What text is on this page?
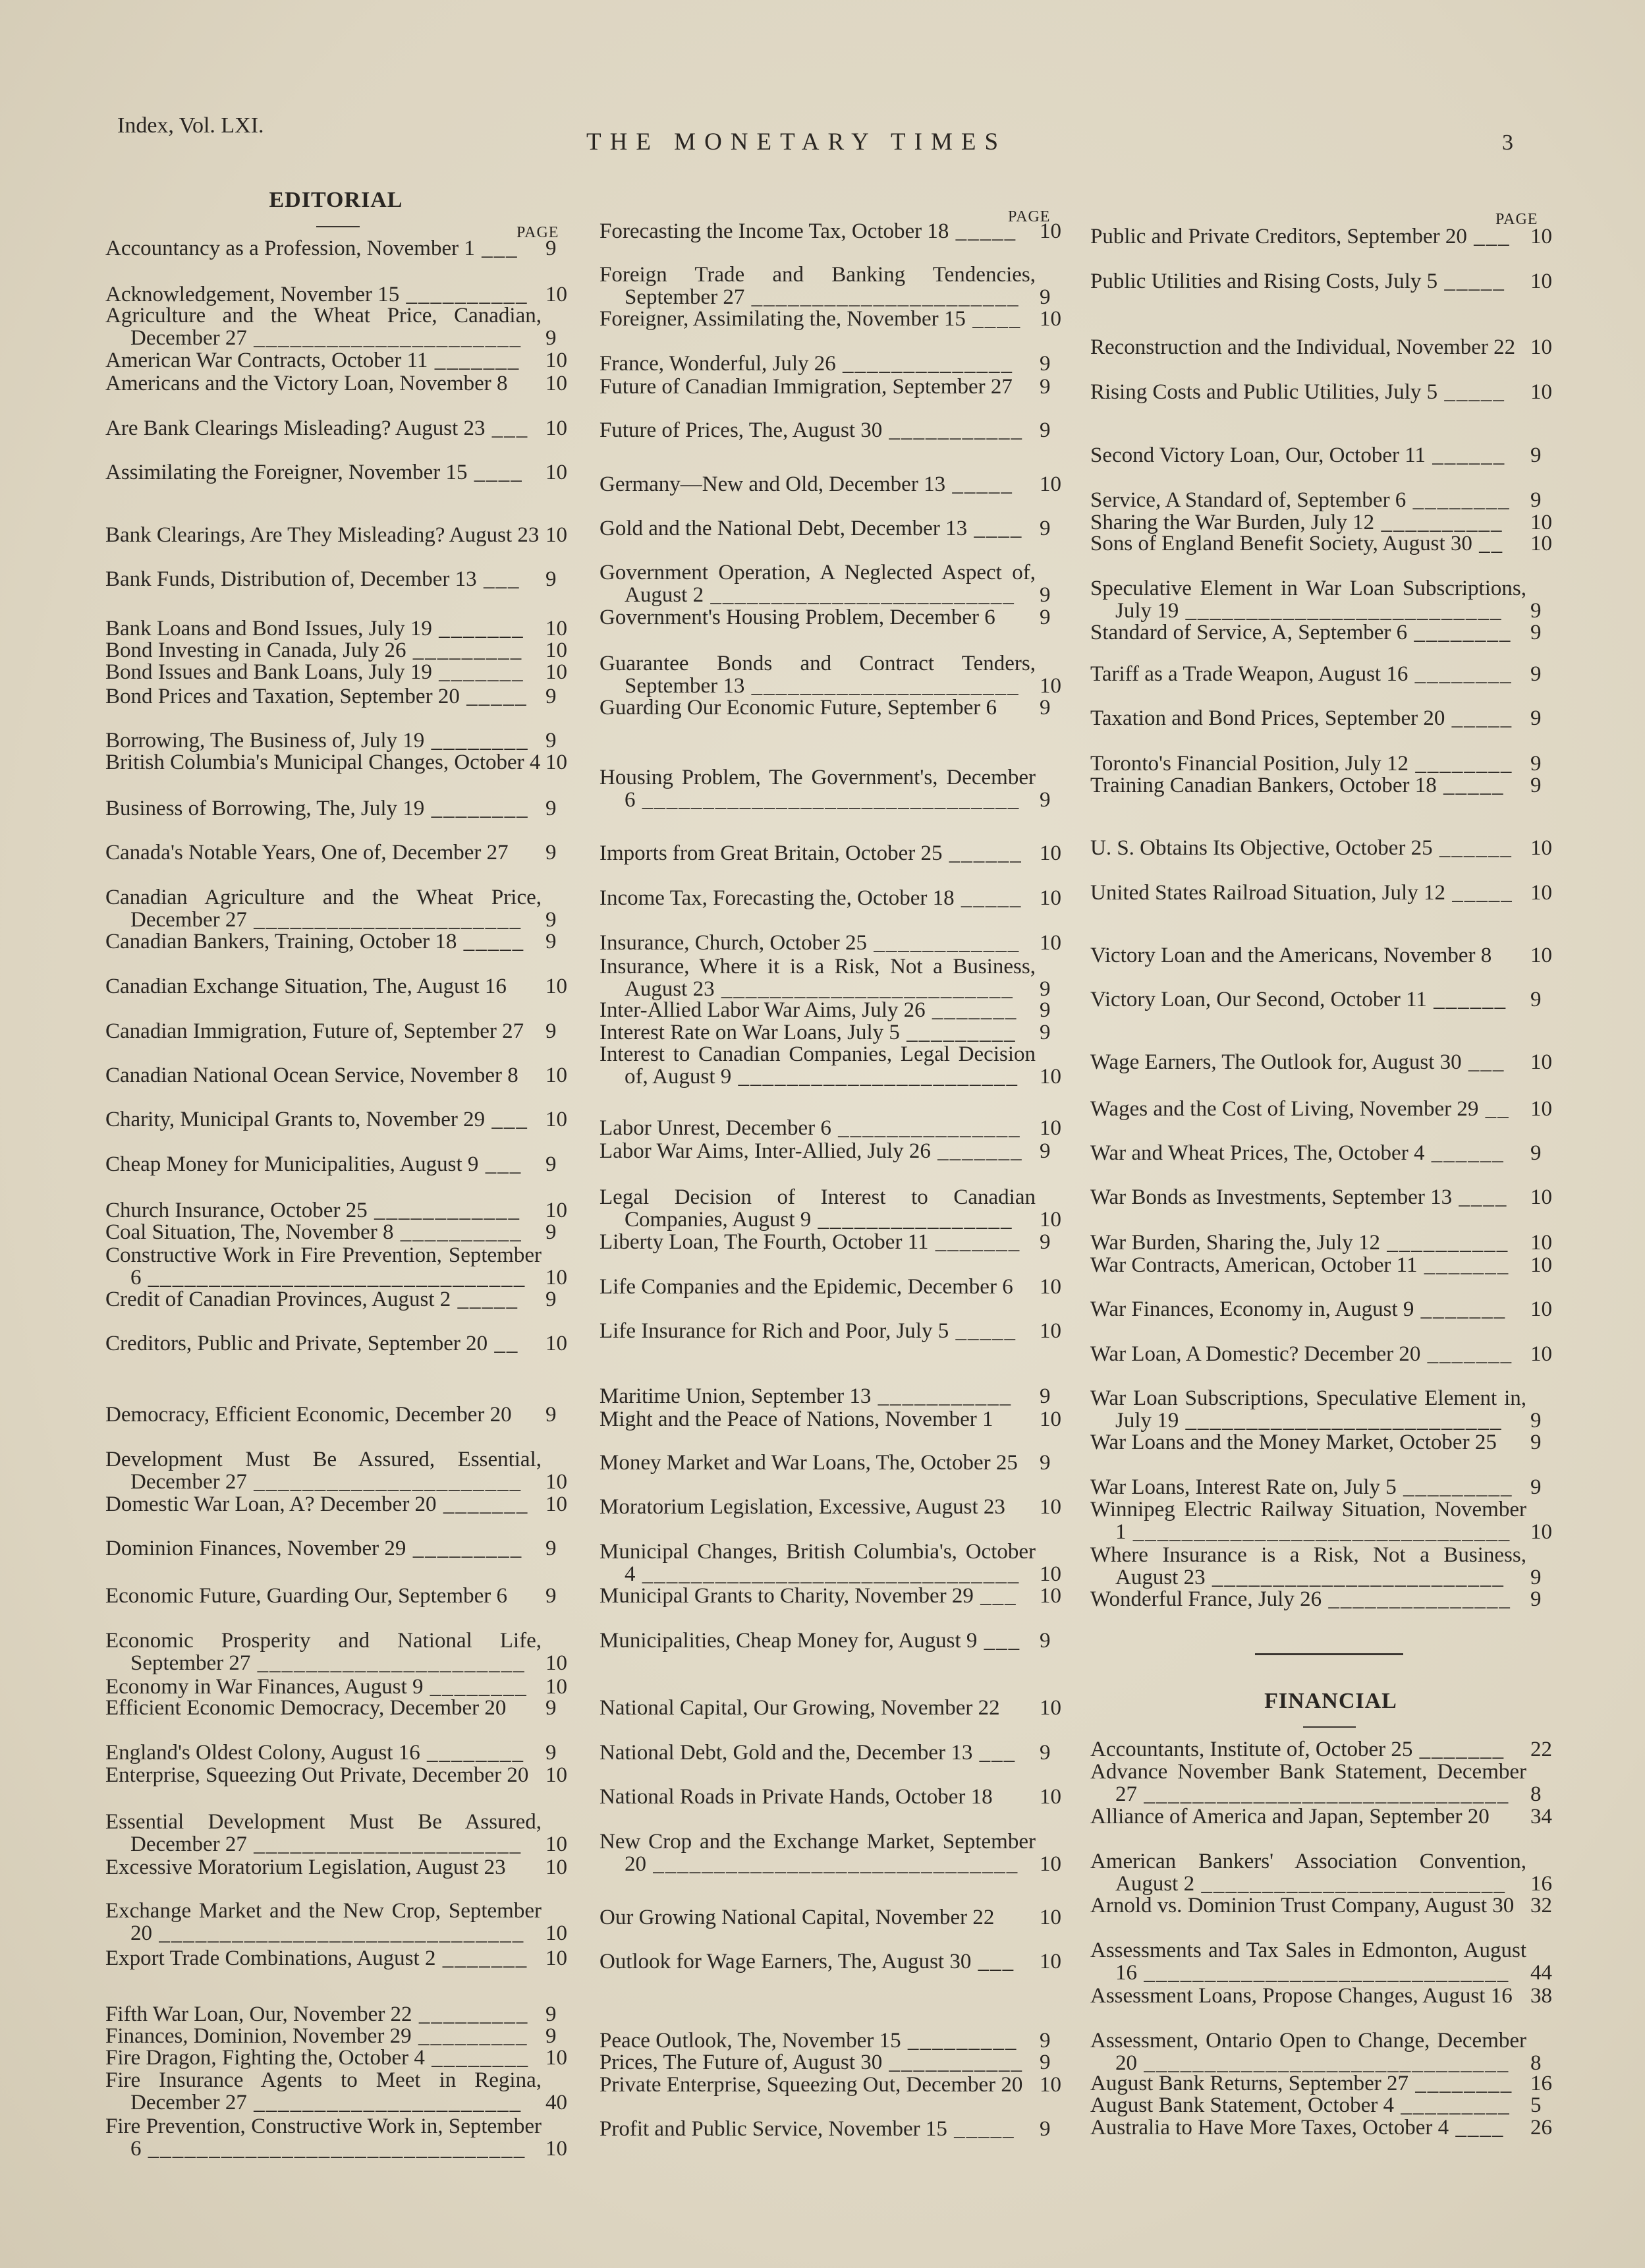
Index, Vol. LXI.
THE MONETARY TIMES	3
EDITORIAL
PAGE
Accountancy as a Profession, November 1 ___	9
Acknowledgement, November 15 __________ 10
Agriculture and the Wheat Price, Canadian, December 27 ______________________	9
American War Contracts, October 11 _______	10
Americans and the Victory Loan, November 8	10
Are Bank Clearings Misleading? August 23 ___ 10
Assimilating the Foreigner, November 15 ____	10
Bank Clearings, Are They Misleading? August 23 10
Bank Funds, Distribution of, December 13 ___	9
Bank Loans and Bond Issues, July 19 _______ 10
Bond Investing in Canada, July 26 _________	10
Bond Issues and Bank Loans, July 19 _______ 10
Bond Prices and Taxation, September 20 _____ 9
Borrowing, The Business of, July 19 ________ 9
British Columbia's Municipal Changes, October 4 10
Business of Borrowing, The, July 19 ________ 9
Canada's Notable Years, One of, December 27	9
Canadian Agriculture and the Wheat Price, December 27 ______________________	9
Canadian Bankers, Training, October 18 _____ 9
Canadian Exchange Situation, The, August 16	10
Canadian Immigration, Future of, September 27 9
Canadian National Ocean Service, November 8	10
Charity, Municipal Grants to, November 29 ___ 10
Cheap Money for Municipalities, August 9 ___	9
Church Insurance, October 25 ____________	10
Coal Situation, The, November 8 __________	9
Constructive Work in Fire Prevention, September 6 _______________________________ 10
Credit of Canadian Provinces, August 2 _____	9
Creditors, Public and Private, September 20 __	10
Democracy, Efficient Economic, December 20	9
Development Must Be Assured, Essential, December 27 ______________________	10
Domestic War Loan, A? December 20 _______ 10
Dominion Finances, November 29 _________	9
Economic Future, Guarding Our, September 6	9
Economic Prosperity and National Life, September 27 ______________________ 10
Economy in War Finances, August 9 ________ 10
Efficient Economic Democracy, December 20	9
England's Oldest Colony, August 16 ________ 9
Enterprise, Squeezing Out Private, December 20 10
Essential Development Must Be Assured, December 27 ______________________	10
Excessive Moratorium Legislation, August 23	10
Exchange Market and the New Crop, September 20 ______________________________ 10
Export Trade Combinations, August 2 _______ 10
Fifth War Loan, Our, November 22 _________ 9
Finances, Dominion, November 29 _________ 9
Fire Dragon, Fighting the, October 4 ________ 10
Fire Insurance Agents to Meet in Regina, December 27 ______________________	40
Fire Prevention, Constructive Work in, September 6 _______________________________ 10
PAGE
Forecasting the Income Tax, October 18 _____	10
Foreign Trade and Banking Tendencies, September 27 ______________________ 9
Foreigner, Assimilating the, November 15 ____ 10
France, Wonderful, July 26 ______________	9
Future of Canadian Immigration, September 27	9
Future of Prices, The, August 30 ___________ 9
Germany—New and Old, December 13 _____	10
Gold and the National Debt, December 13 ____ 9
Government Operation, A Neglected Aspect of, August 2 _________________________	9
Government's Housing Problem, December 6	9
Guarantee Bonds and Contract Tenders, September 13 ______________________ 10
Guarding Our Economic Future, September 6	9
Housing Problem, The Government's, December 6 _______________________________ 9
Imports from Great Britain, October 25 ______ 10
Income Tax, Forecasting the, October 18 _____ 10
Insurance, Church, October 25 ____________ 10
Insurance, Where it is a Risk, Not a Business, August 23 ________________________	9
Inter-Allied Labor War Aims, July 26 _______	9
Interest Rate on War Loans, July 5 _________	9
Interest to Canadian Companies, Legal Decision of, August 9 _______________________ 10
Labor Unrest, December 6 _______________ 10
Labor War Aims, Inter-Allied, July 26 _______ 9
Legal Decision of Interest to Canadian Companies, August 9 ________________	10
Liberty Loan, The Fourth, October 11 _______ 9
Life Companies and the Epidemic, December 6	10
Life Insurance for Rich and Poor, July 5 _____	10
Maritime Union, September 13 ___________	9
Might and the Peace of Nations, November 1	10
Money Market and War Loans, The, October 25	9
Moratorium Legislation, Excessive, August 23	10
Municipal Changes, British Columbia's, October 4 _______________________________ 10
Municipal Grants to Charity, November 29 ___	10
Municipalities, Cheap Money for, August 9 ___ 9
National Capital, Our Growing, November 22	10
National Debt, Gold and the, December 13 ___	9
National Roads in Private Hands, October 18	10
New Crop and the Exchange Market, September 20 ______________________________ 10
Our Growing National Capital, November 22	10
Outlook for Wage Earners, The, August 30 ___	10
Peace Outlook, The, November 15 _________	9
Prices, The Future of, August 30 ___________ 9
Private Enterprise, Squeezing Out, December 20 10
Profit and Public Service, November 15 _____	9
PAGE
Public and Private Creditors, September 20 ___ 10
Public Utilities and Rising Costs, July 5 _____	10
Reconstruction and the Individual, November 22 10
Rising Costs and Public Utilities, July 5 _____	10
Second Victory Loan, Our, October 11 ______	9
Service, A Standard of, September 6 ________ 9
Sharing the War Burden, July 12 __________	10
Sons of England Benefit Society, August 30 __	10
Speculative Element in War Loan Subscriptions, July 19 __________________________	9
Standard of Service, A, September 6 ________ 9
Tariff as a Trade Weapon, August 16 ________ 9
Taxation and Bond Prices, September 20 _____ 9
Toronto's Financial Position, July 12 ________ 9
Training Canadian Bankers, October 18 _____	9
U. S. Obtains Its Objective, October 25 ______ 10
United States Railroad Situation, July 12 _____ 10
Victory Loan and the Americans, November 8	10
Victory Loan, Our Second, October 11 ______	9
Wage Earners, The Outlook for, August 30 ___	10
Wages and the Cost of Living, November 29 __ 10
War and Wheat Prices, The, October 4 ______	9
War Bonds as Investments, September 13 ____	10
War Burden, Sharing the, July 12 __________ 10
War Contracts, American, October 11 _______ 10
War Finances, Economy in, August 9 _______	10
War Loan, A Domestic? December 20 _______ 10
War Loan Subscriptions, Speculative Element in, July 19 __________________________	9
War Loans and the Money Market, October 25	9
War Loans, Interest Rate on, July 5 _________ 9
Winnipeg Electric Railway Situation, November 1 _______________________________ 10
Where Insurance is a Risk, Not a Business, August 23 ________________________	9
Wonderful France, July 26 _______________ 9
FINANCIAL
Accountants, Institute of, October 25 _______	22
Advance November Bank Statement, December 27 ______________________________ 8
Alliance of America and Japan, September 20	34
American Bankers' Association Convention, August 2 _________________________	16
Arnold vs. Dominion Trust Company, August 30 32
Assessments and Tax Sales in Edmonton, August 16 ______________________________ 44
Assessment Loans, Propose Changes, August 16 38
Assessment, Ontario Open to Change, December 20 ______________________________ 8
August Bank Returns, September 27 ________ 16
August Bank Statement, October 4 _________ 5
Australia to Have More Taxes, October 4 ____	26
